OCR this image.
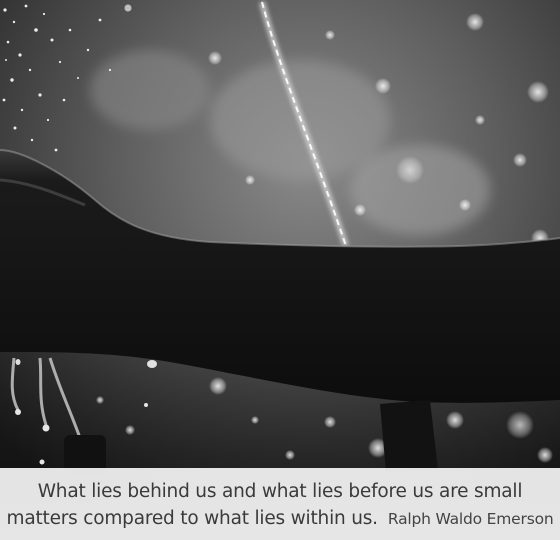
What lies behind us and what lies before us are small
matters compared to what lies within us. Ralph Waldo Emerson
